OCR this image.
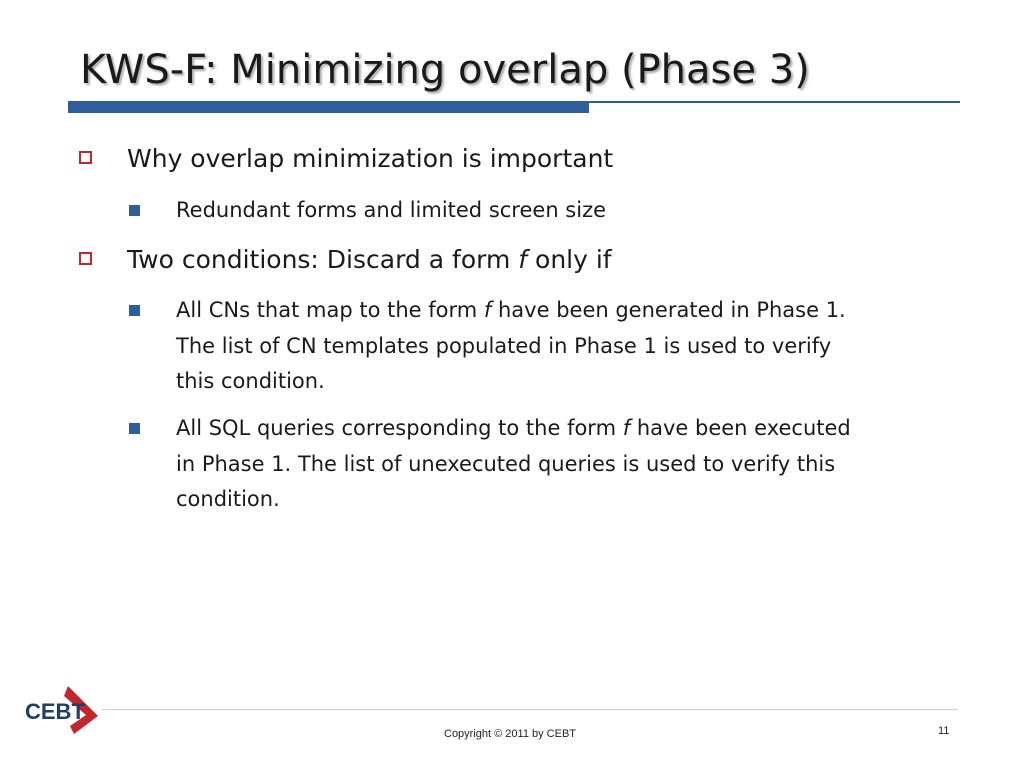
KWS-F: Minimizing overlap (Phase 3)
Why overlap minimization is important
Redundant forms and limited screen size
Two conditions: Discard a form f only if
All CNs that map to the form f have been generated in Phase 1.
The list of CN templates populated in Phase 1 is used to verify
this condition.
All SQL queries corresponding to the form f have been executed
in Phase 1. The list of unexecuted queries is used to verify this
condition.
CEBT
Copyright © 2011 by CEBT	11
